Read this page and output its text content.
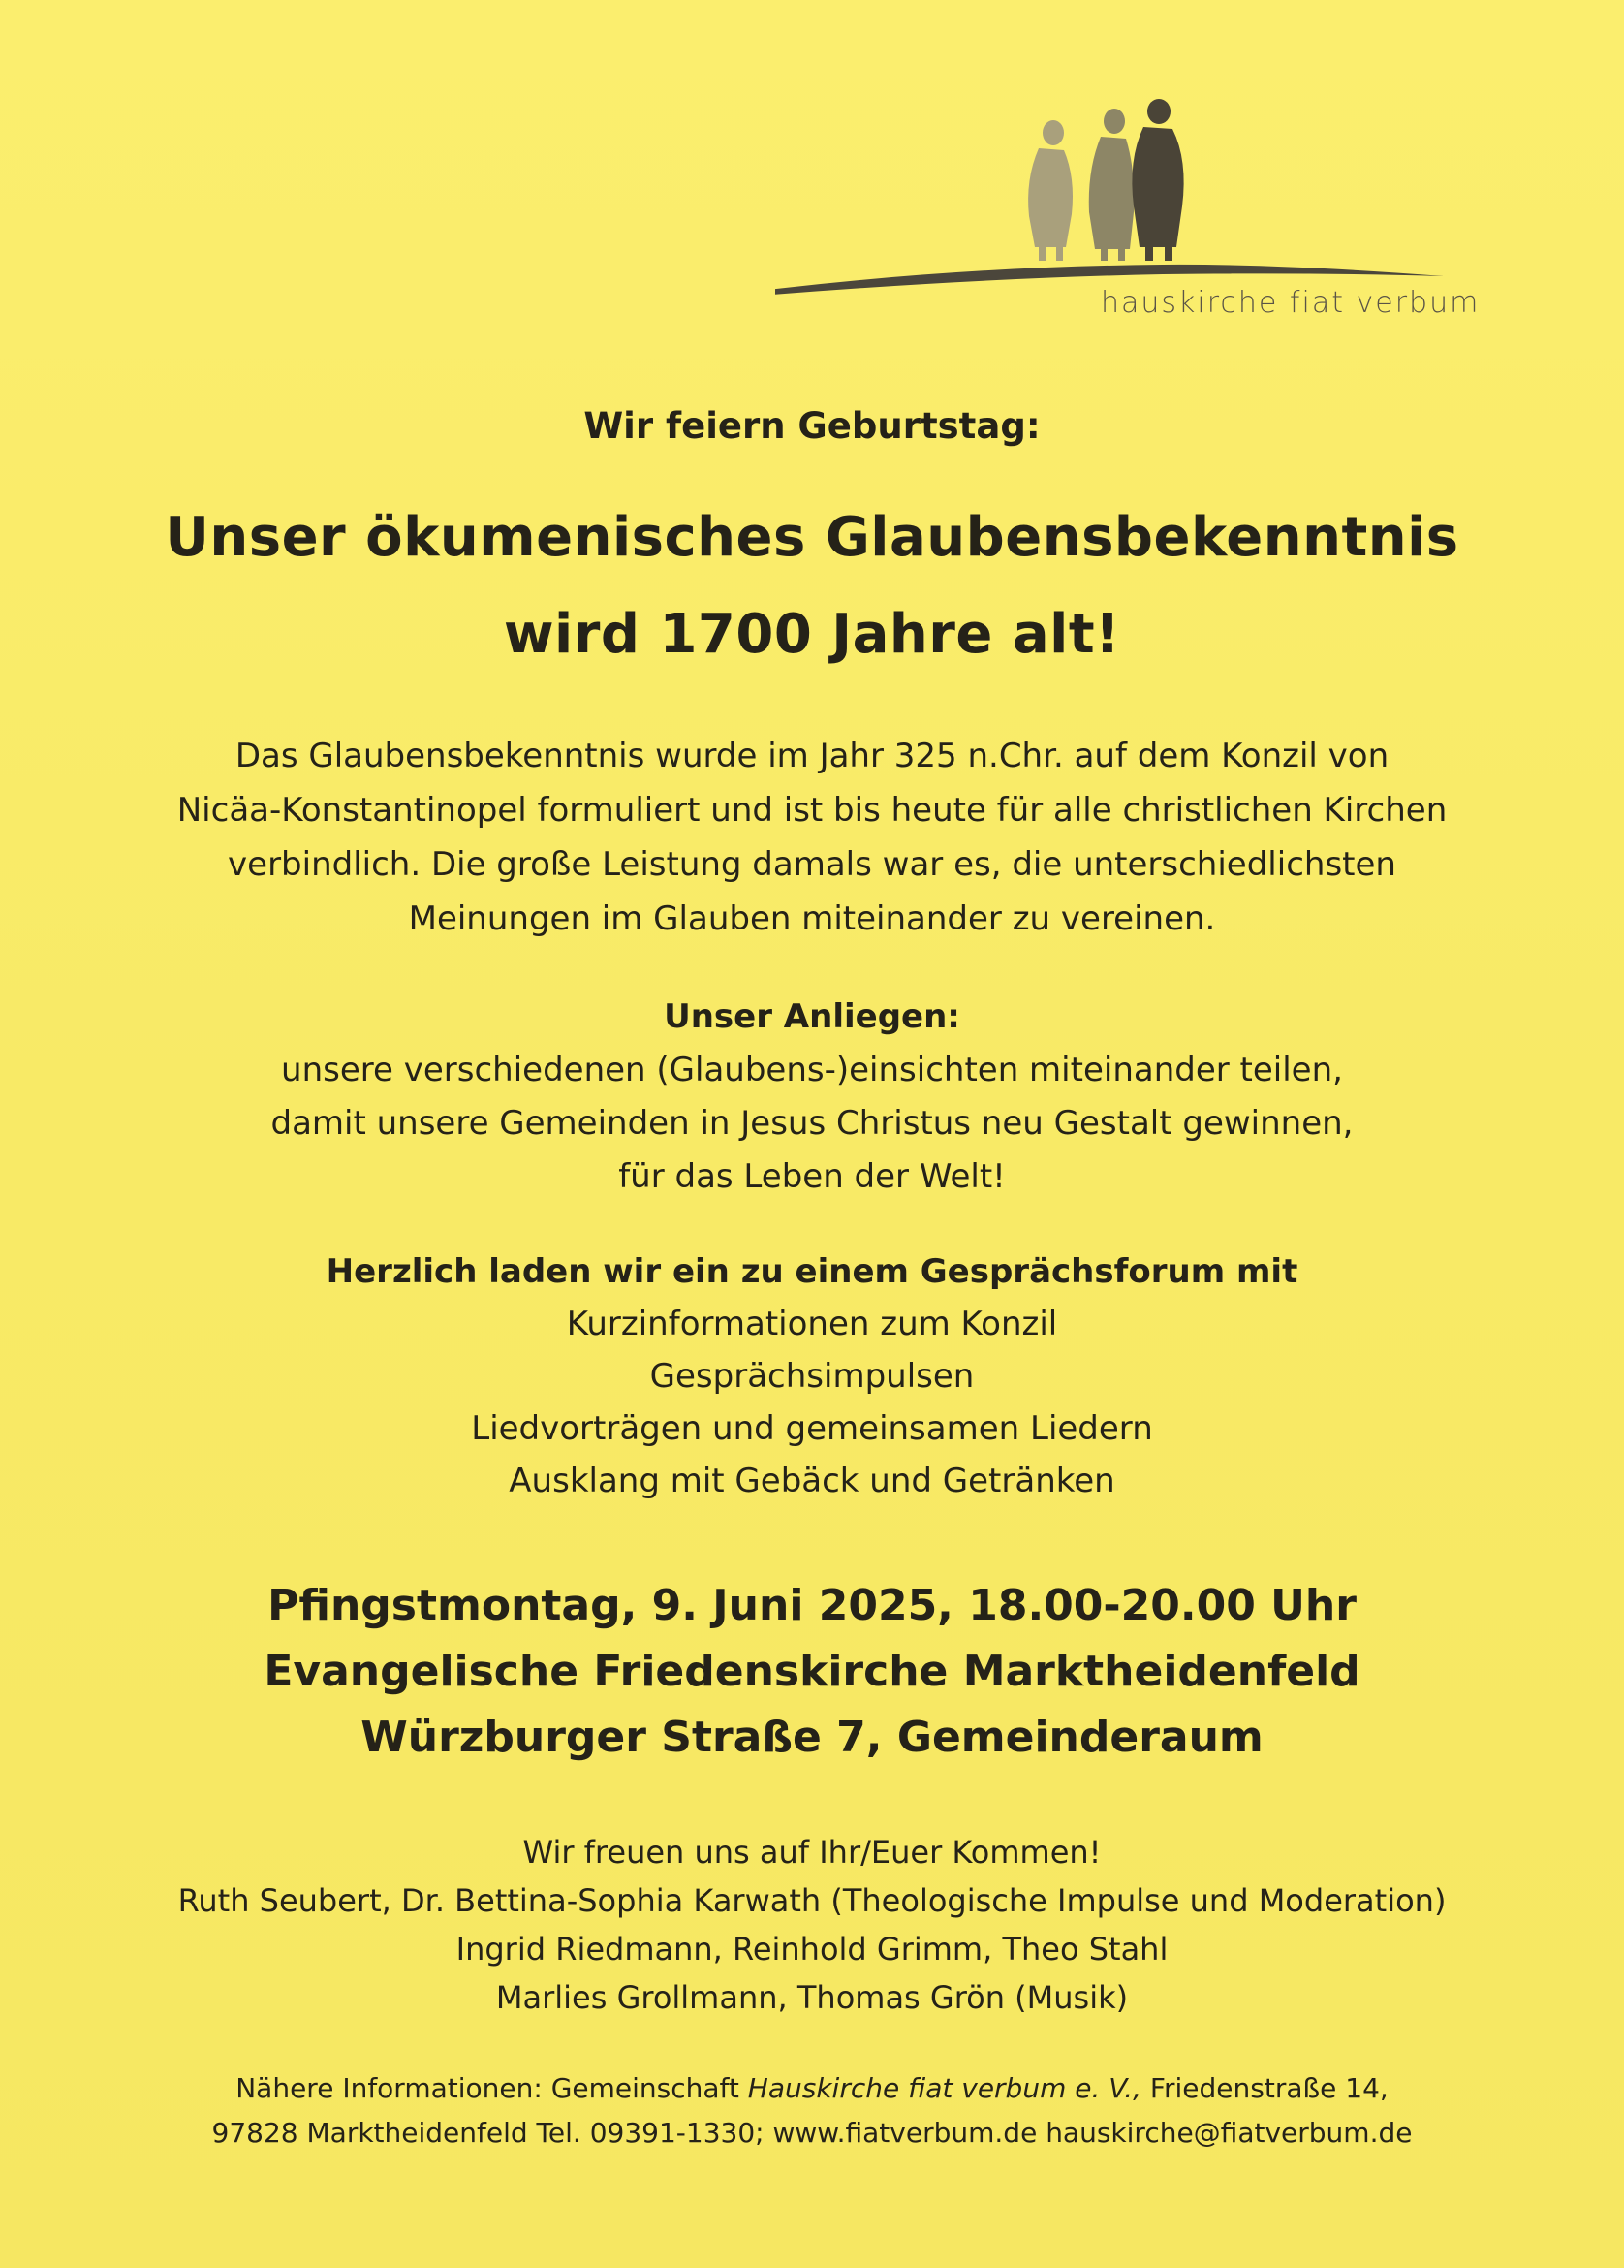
hauskirche fiat verbum
Wir feiern Geburtstag:
Unser ökumenisches Glaubensbekenntnis
wird 1700 Jahre alt!
Das Glaubensbekenntnis wurde im Jahr 325 n.Chr. auf dem Konzil von
Nicäa-Konstantinopel formuliert und ist bis heute für alle christlichen Kirchen
verbindlich. Die große Leistung damals war es, die unterschiedlichsten
Meinungen im Glauben miteinander zu vereinen.
Unser Anliegen:
unsere verschiedenen (Glaubens-)einsichten miteinander teilen,
damit unsere Gemeinden in Jesus Christus neu Gestalt gewinnen,
für das Leben der Welt!
Herzlich laden wir ein zu einem Gesprächsforum mit
Kurzinformationen zum Konzil
Gesprächsimpulsen
Liedvorträgen und gemeinsamen Liedern
Ausklang mit Gebäck und Getränken
Pfingstmontag, 9. Juni 2025, 18.00-20.00 Uhr
Evangelische Friedenskirche Marktheidenfeld
Würzburger Straße 7, Gemeinderaum
Wir freuen uns auf Ihr/Euer Kommen!
Ruth Seubert, Dr. Bettina-Sophia Karwath (Theologische Impulse und Moderation)
Ingrid Riedmann, Reinhold Grimm, Theo Stahl
Marlies Grollmann, Thomas Grön (Musik)
Nähere Informationen: Gemeinschaft Hauskirche fiat verbum e. V., Friedenstraße 14,
97828 Marktheidenfeld Tel. 09391-1330; www.fiatverbum.de hauskirche@fiatverbum.de
